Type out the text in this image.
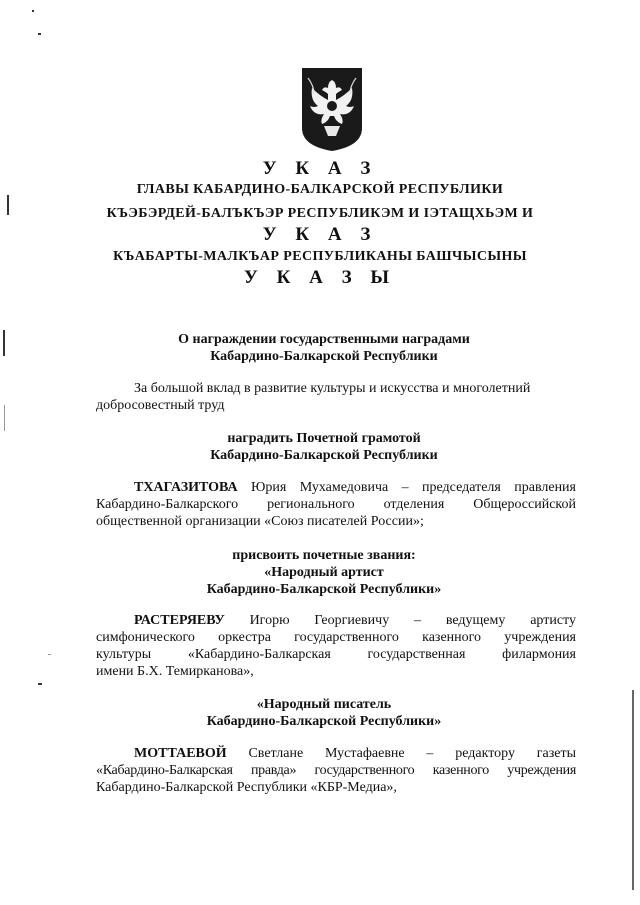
У К А З
ГЛАВЫ КАБАРДИНО-БАЛКАРСКОЙ РЕСПУБЛИКИ
КЪЭБЭРДЕЙ-БАЛЪКЪЭР РЕСПУБЛИКЭМ И ІЭТАЩХЬЭМ И
У К А З
КЪАБАРТЫ-МАЛКЪАР РЕСПУБЛИКАНЫ БАШЧЫСЫНЫ
У К А З Ы
О награждении государственными наградами
Кабардино-Балкарской Республики
За большой вклад в развитие культуры и искусства и многолетний
добросовестный труд
наградить Почетной грамотой
Кабардино-Балкарской Республики
ТХАГАЗИТОВА Юрия Мухамедовича – председателя правления
Кабардино-Балкарского регионального отделения Общероссийской
общественной организации «Союз писателей России»;
присвоить почетные звания:
«Народный артист
Кабардино-Балкарской Республики»
РАСТЕРЯЕВУ Игорю Георгиевичу – ведущему артисту
симфонического оркестра государственного казенного учреждения
культуры «Кабардино-Балкарская государственная филармония
имени Б.Х. Темирканова»,
«Народный писатель
Кабардино-Балкарской Республики»
МОТТАЕВОЙ Светлане Мустафаевне – редактору газеты
«Кабардино-Балкарская правда» государственного казенного учреждения
Кабардино-Балкарской Республики «КБР-Медиа»,
